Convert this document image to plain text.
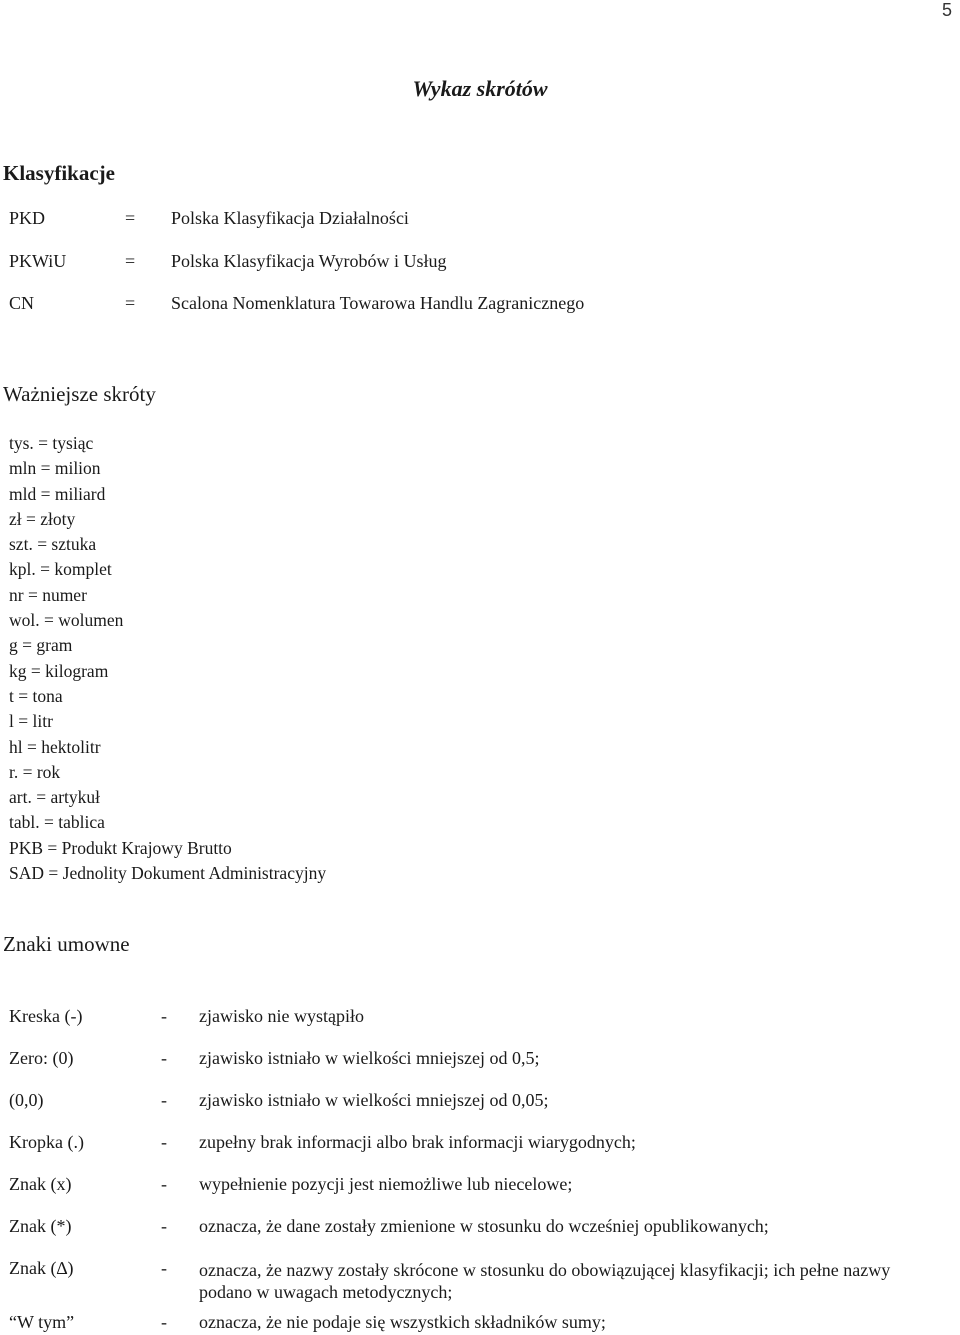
5
Wykaz skrótów
Klasyfikacje
PKD	= Polska Klasyfikacja Działalności
PKWiU	= Polska Klasyfikacja Wyrobów i Usług
CN	= Scalona Nomenklatura Towarowa Handlu Zagranicznego
Ważniejsze skróty
tys. = tysiąc
mln = milion
mld = miliard
zł = złoty
szt. = sztuka
kpl. = komplet
nr = numer
wol. = wolumen
g = gram
kg = kilogram
t = tona
l = litr
hl = hektolitr
r. = rok
art. = artykuł
tabl. = tablica
PKB = Produkt Krajowy Brutto
SAD = Jednolity Dokument Administracyjny
Znaki umowne
Kreska (-)	- zjawisko nie wystąpiło
Zero: (0)	- zjawisko istniało w wielkości mniejszej od 0,5;
(0,0)	- zjawisko istniało w wielkości mniejszej od 0,05;
Kropka (.)	- zupełny brak informacji albo brak informacji wiarygodnych;
Znak (x)	- wypełnienie pozycji jest niemożliwe lub niecelowe;
Znak (*)	- oznacza, że dane zostały zmienione w stosunku do wcześniej opublikowanych;
Znak (∆)	- oznacza, że nazwy zostały skrócone w stosunku do obowiązującej klasyfikacji; ich pełne nazwy podano w uwagach metodycznych;
“W tym”	- oznacza, że nie podaje się wszystkich składników sumy;
